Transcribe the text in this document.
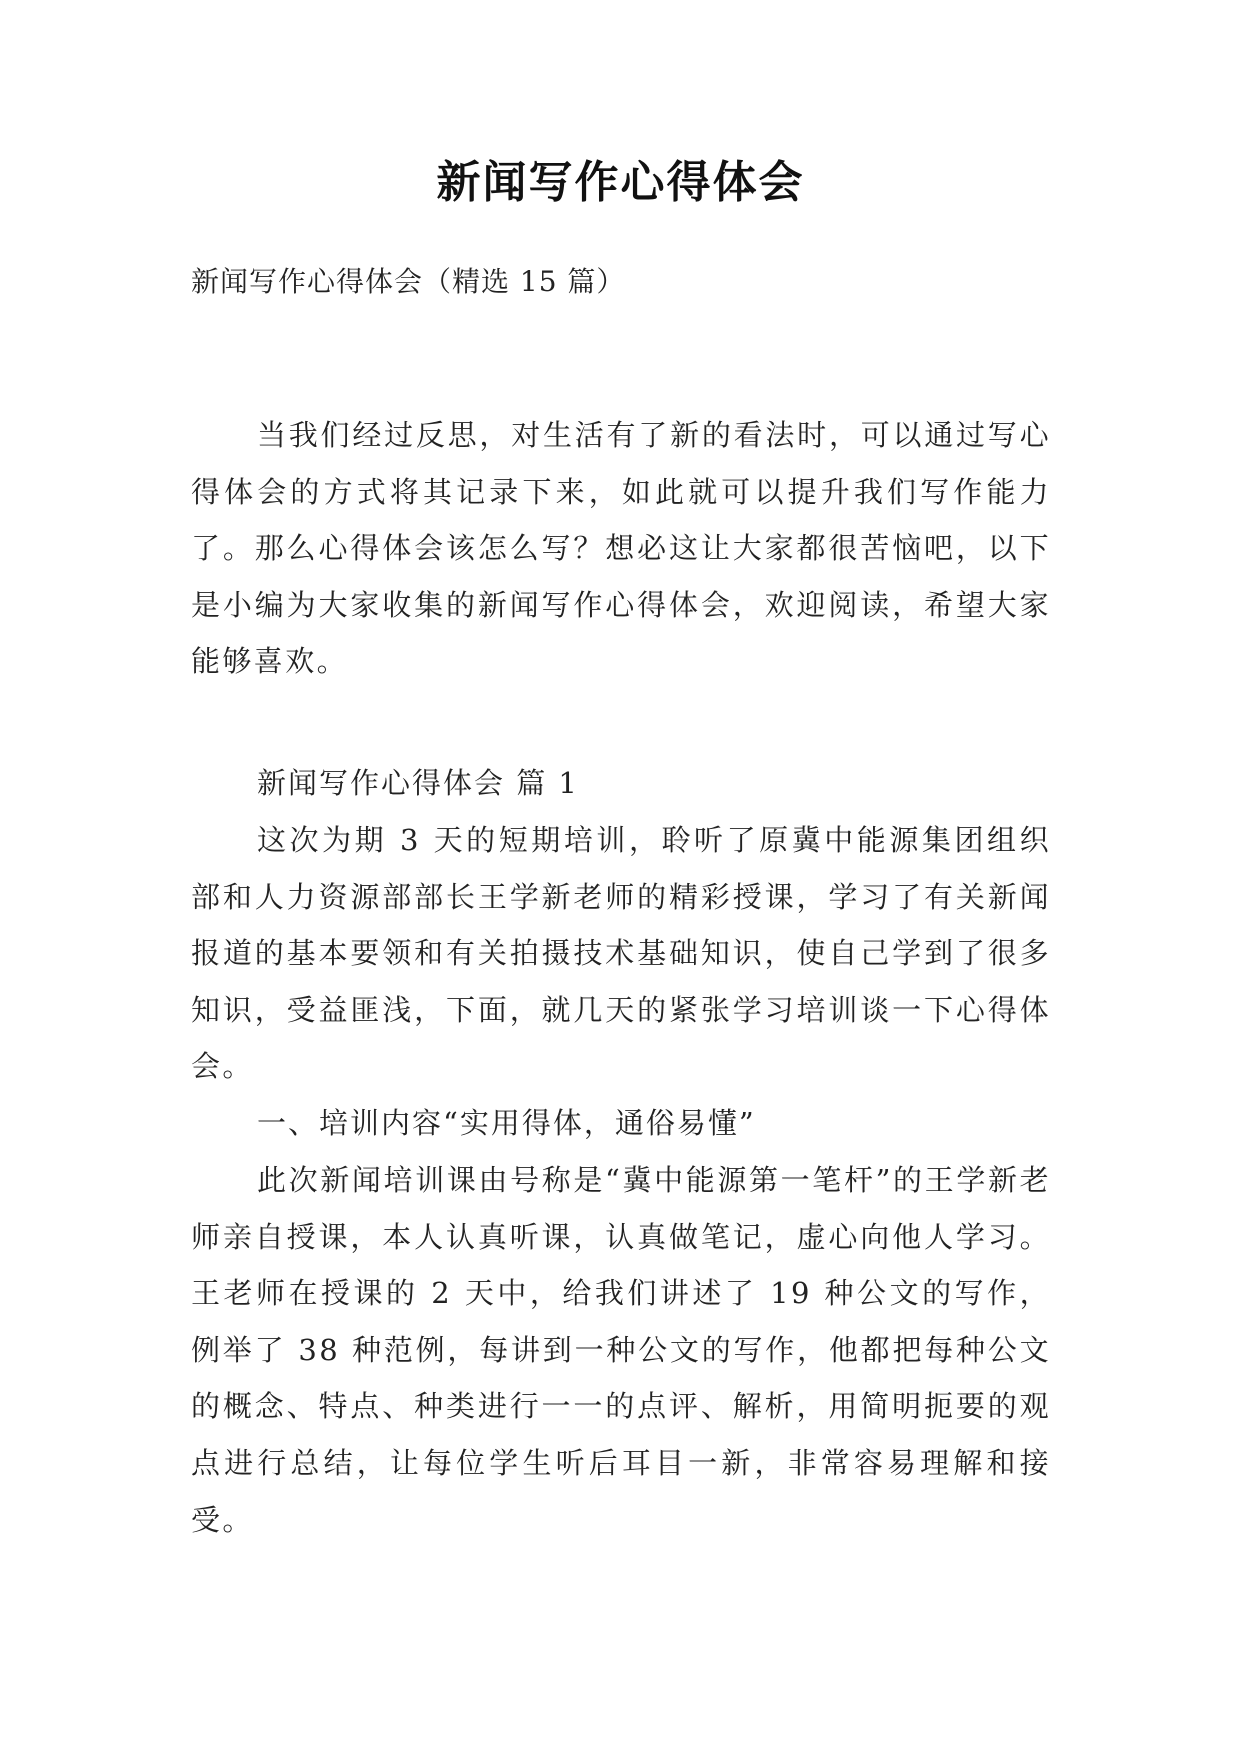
新闻写作心得体会
新闻写作心得体会（精选 15 篇）

当我们经过反思，对生活有了新的看法时，可以通过写心得体会的方式将其记录下来，如此就可以提升我们写作能力了。那么心得体会该怎么写？想必这让大家都很苦恼吧，以下是小编为大家收集的新闻写作心得体会，欢迎阅读，希望大家能够喜欢。

新闻写作心得体会 篇 1

这次为期 3 天的短期培训，聆听了原冀中能源集团组织部和人力资源部部长王学新老师的精彩授课，学习了有关新闻报道的基本要领和有关拍摄技术基础知识，使自己学到了很多知识，受益匪浅，下面，就几天的紧张学习培训谈一下心得体会。

一、培训内容“实用得体，通俗易懂”

此次新闻培训课由号称是“冀中能源第一笔杆”的王学新老师亲自授课，本人认真听课，认真做笔记，虚心向他人学习。王老师在授课的 2 天中，给我们讲述了 19 种公文的写作，例举了 38 种范例，每讲到一种公文的写作，他都把每种公文的概念、特点、种类进行一一的点评、解析，用简明扼要的观点进行总结，让每位学生听后耳目一新，非常容易理解和接受。
